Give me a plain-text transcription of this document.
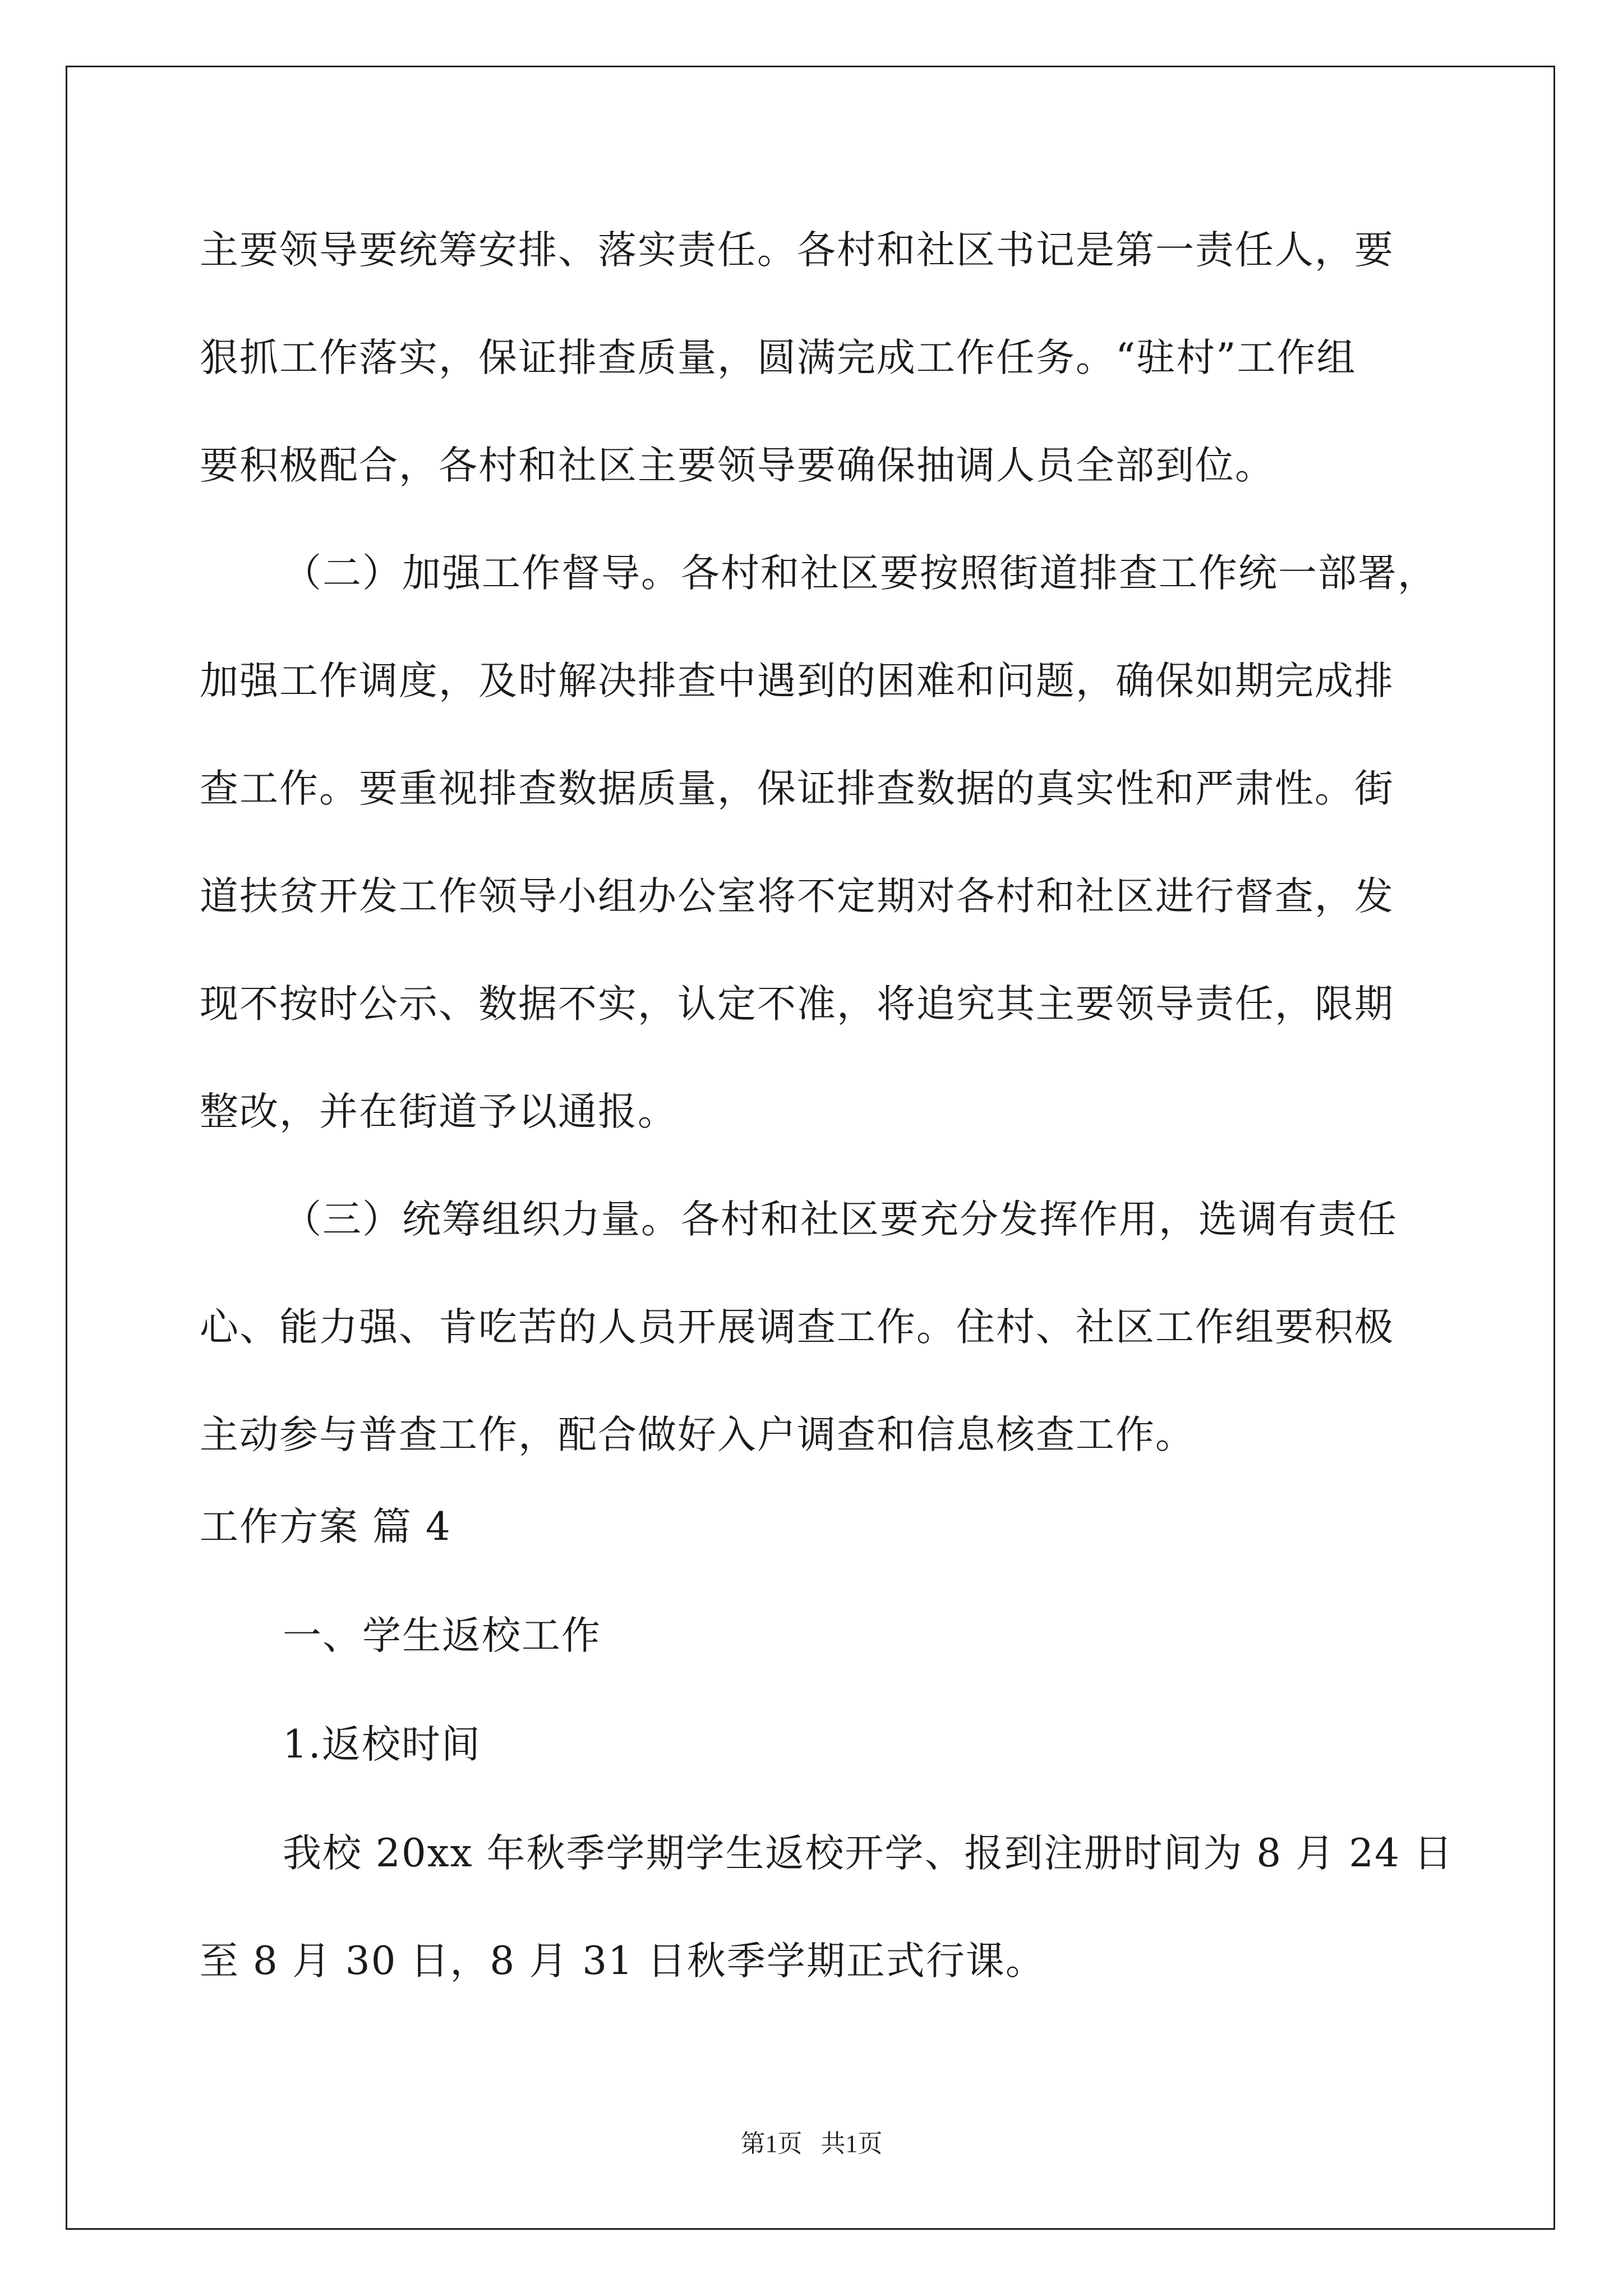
主要领导要统筹安排、落实责任。各村和社区书记是第一责任人，要

狠抓工作落实，保证排查质量，圆满完成工作任务。“驻村”工作组

要积极配合，各村和社区主要领导要确保抽调人员全部到位。

（二）加强工作督导。各村和社区要按照街道排查工作统一部署，

加强工作调度，及时解决排查中遇到的困难和问题，确保如期完成排

查工作。要重视排查数据质量，保证排查数据的真实性和严肃性。街

道扶贫开发工作领导小组办公室将不定期对各村和社区进行督查，发

现不按时公示、数据不实，认定不准，将追究其主要领导责任，限期

整改，并在街道予以通报。

（三）统筹组织力量。各村和社区要充分发挥作用，选调有责任

心、能力强、肯吃苦的人员开展调查工作。住村、社区工作组要积极

主动参与普查工作，配合做好入户调查和信息核查工作。

工作方案 篇 4

一、学生返校工作

1.返校时间

我校 20xx 年秋季学期学生返校开学、报到注册时间为 8 月 24 日

至 8 月 30 日，8 月 31 日秋季学期正式行课。

第1页   共1页
